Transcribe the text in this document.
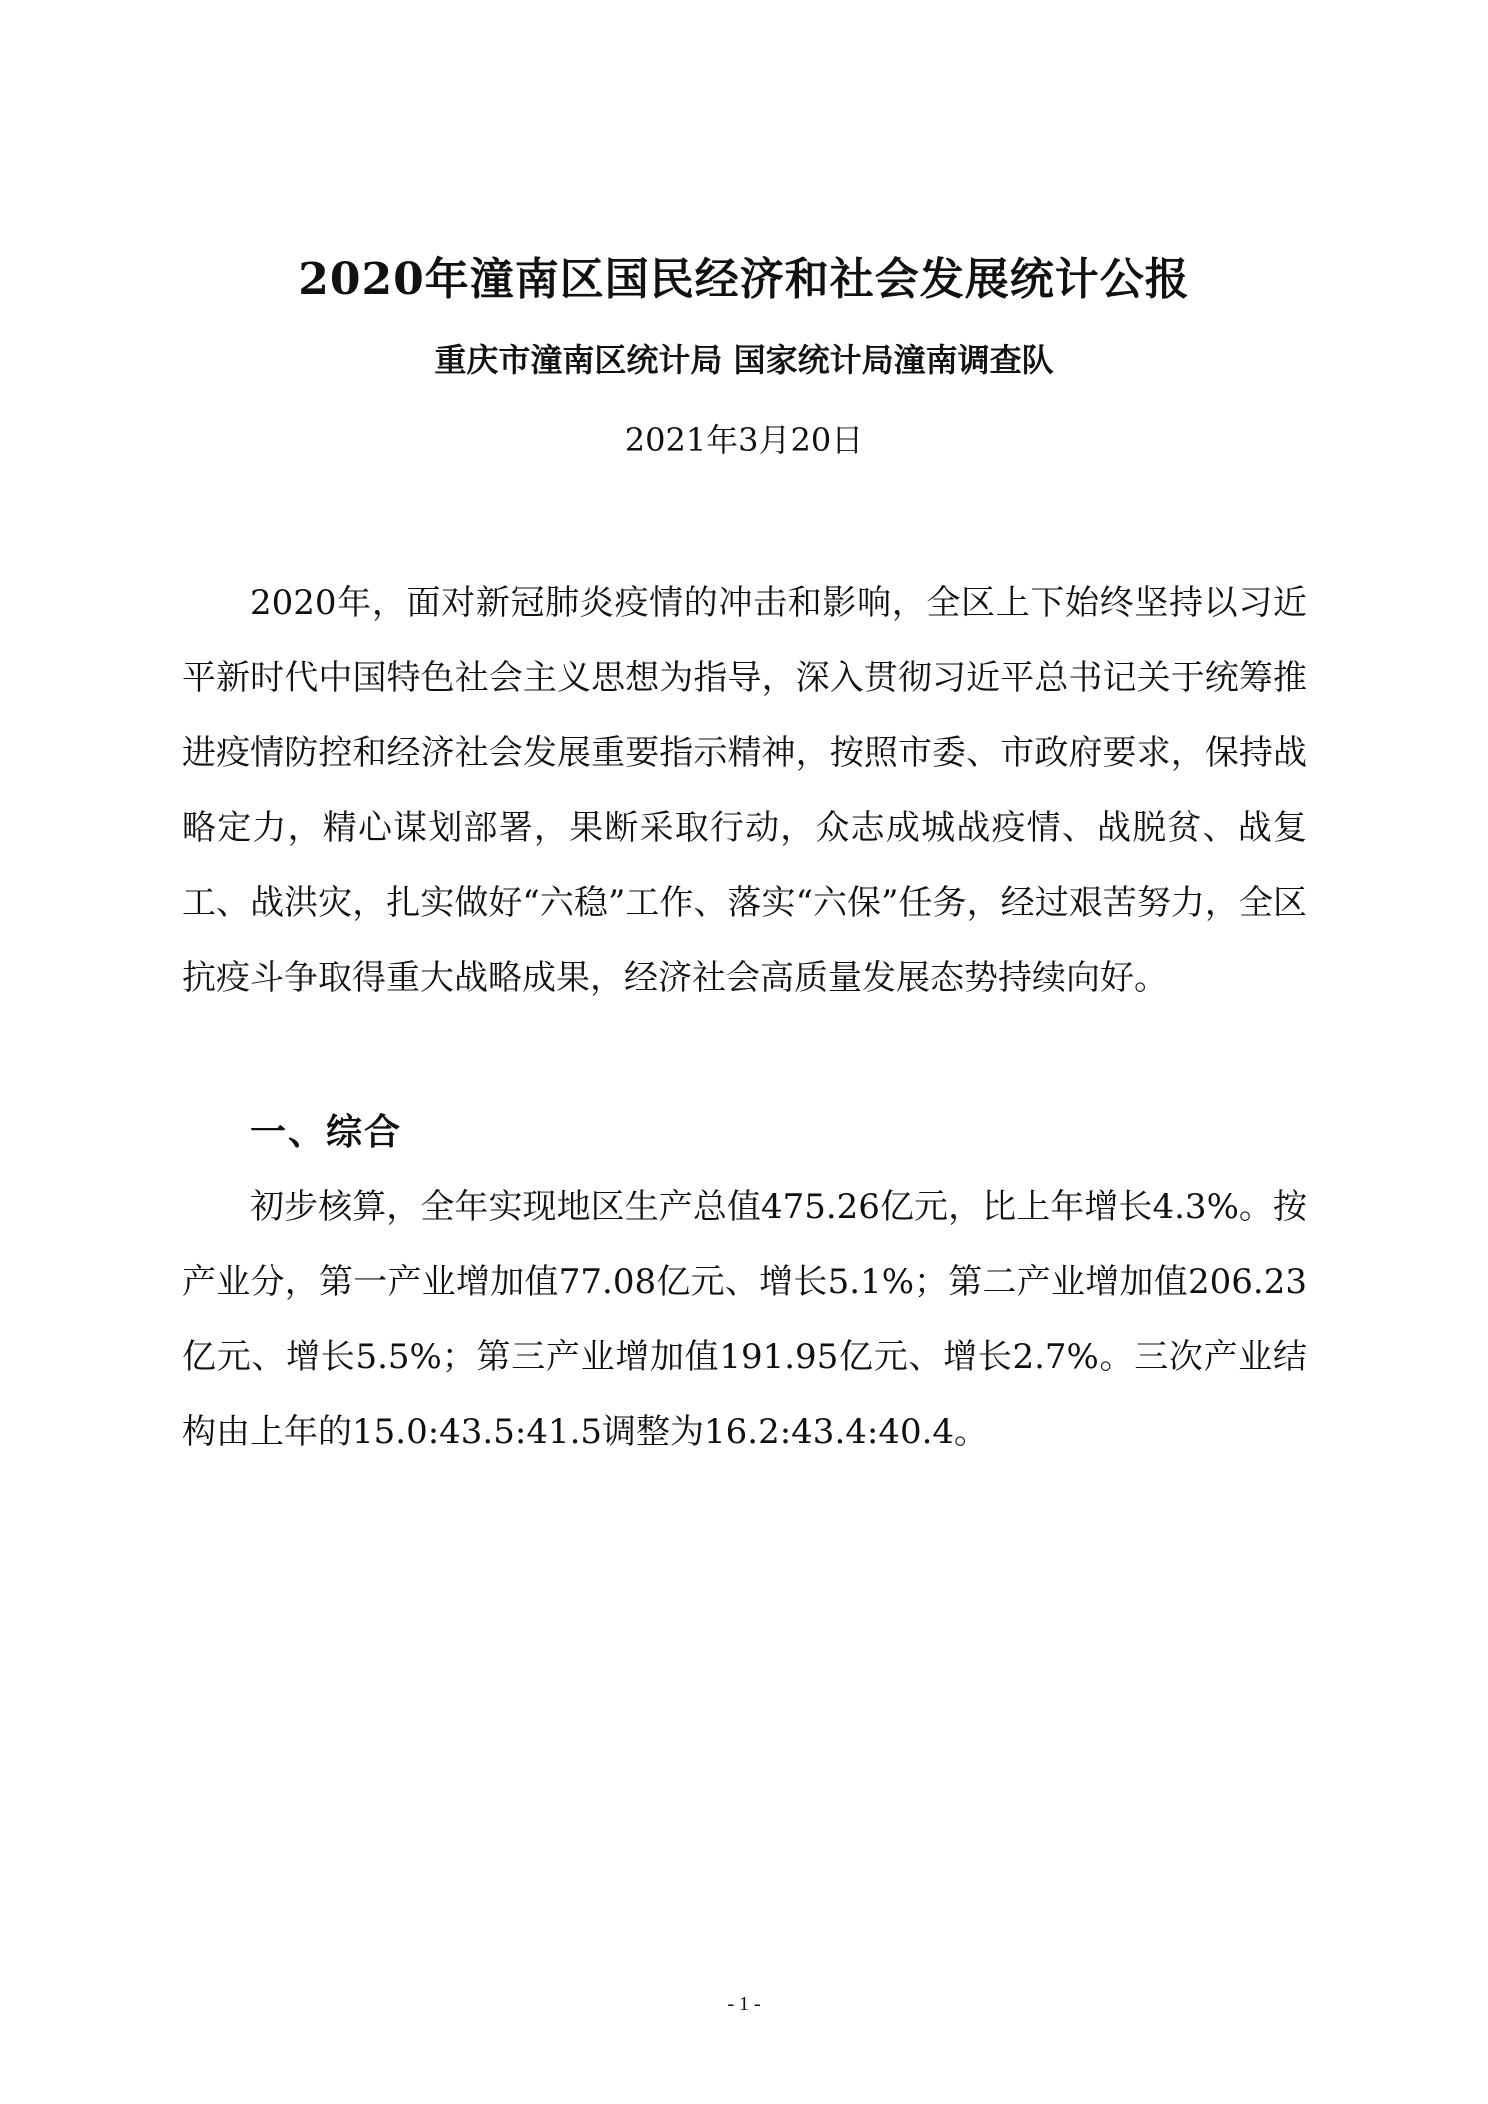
2020年潼南区国民经济和社会发展统计公报
重庆市潼南区统计局 国家统计局潼南调查队
2021年3月20日

2020年，面对新冠肺炎疫情的冲击和影响，全区上下始终坚持以习近平新时代中国特色社会主义思想为指导，深入贯彻习近平总书记关于统筹推进疫情防控和经济社会发展重要指示精神，按照市委、市政府要求，保持战略定力，精心谋划部署，果断采取行动，众志成城战疫情、战脱贫、战复工、战洪灾，扎实做好“六稳”工作、落实“六保”任务，经过艰苦努力，全区抗疫斗争取得重大战略成果，经济社会高质量发展态势持续向好。

一、综合

初步核算，全年实现地区生产总值475.26亿元，比上年增长4.3%。按产业分，第一产业增加值77.08亿元、增长5.1%；第二产业增加值206.23亿元、增长5.5%；第三产业增加值191.95亿元、增长2.7%。三次产业结构由上年的15.0:43.5:41.5调整为16.2:43.4:40.4。

- 1 -
